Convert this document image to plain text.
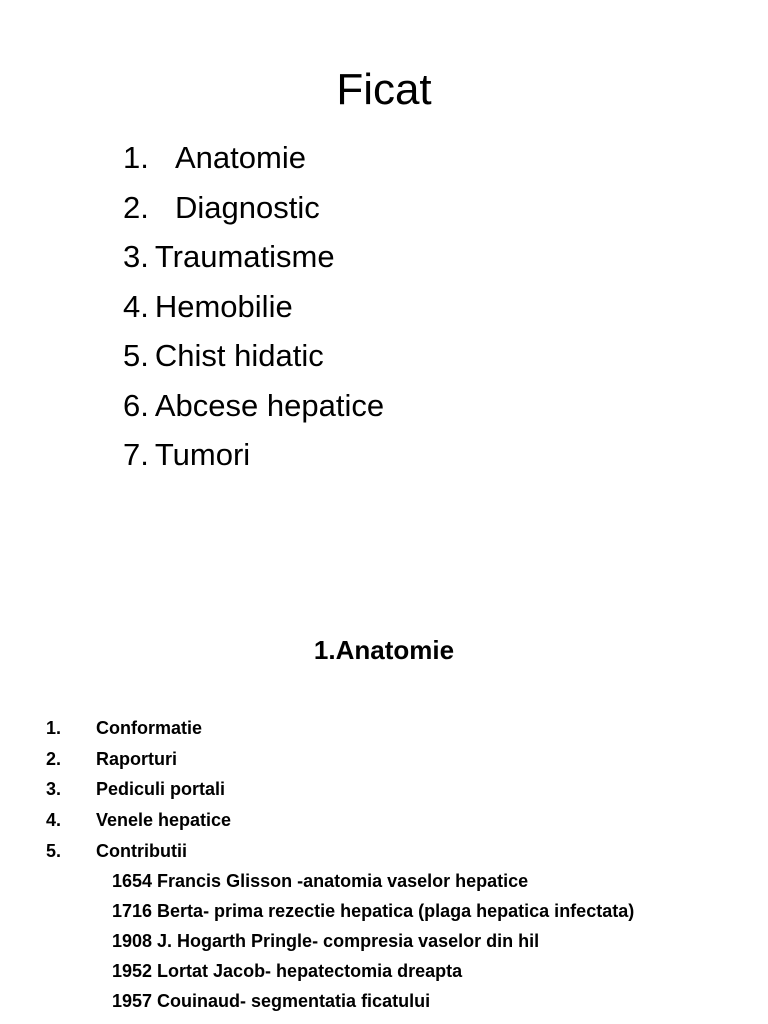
Ficat
1. Anatomie
2. Diagnostic
3. Traumatisme
4. Hemobilie
5. Chist hidatic
6. Abcese hepatice
7. Tumori
1.Anatomie
1. Conformatie
2. Raporturi
3. Pediculi portali
4. Venele hepatice
5. Contributii
1654 Francis Glisson -anatomia vaselor hepatice
1716 Berta- prima rezectie hepatica (plaga hepatica infectata)
1908 J. Hogarth Pringle- compresia vaselor din hil
1952 Lortat Jacob- hepatectomia dreapta
1957 Couinaud- segmentatia ficatului
